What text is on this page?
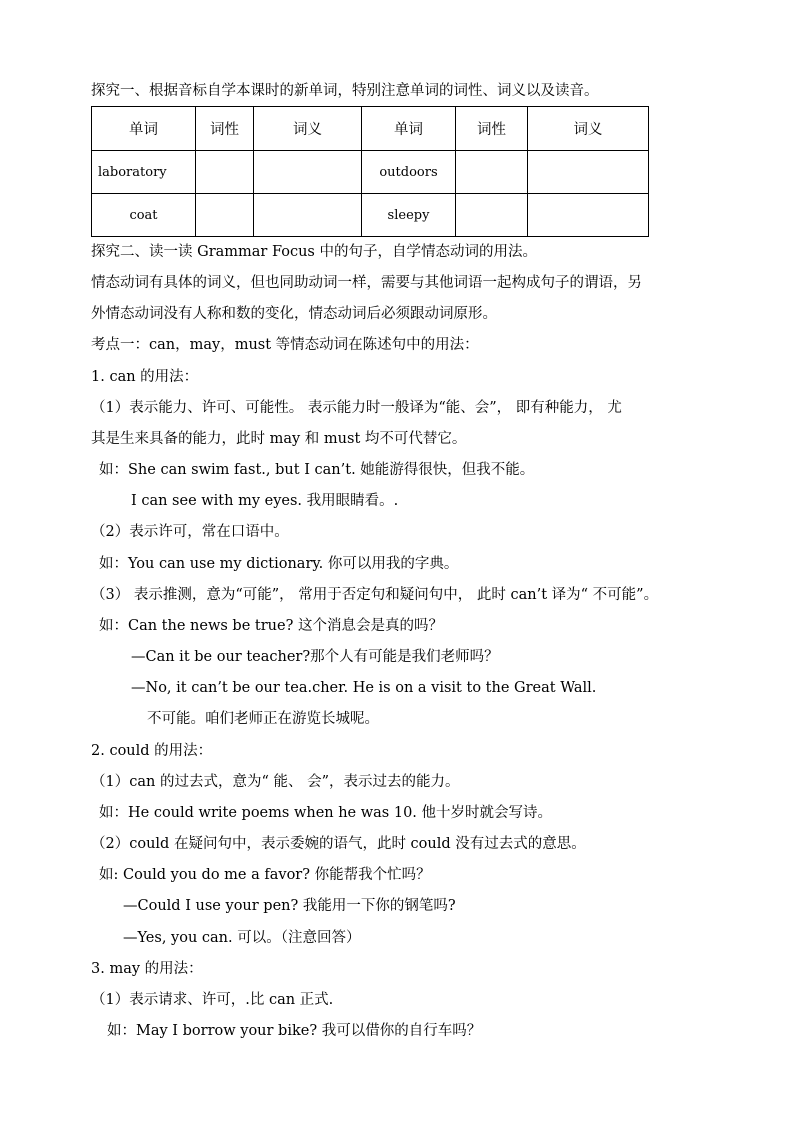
探究一、根据音标自学本课时的新单词，特别注意单词的词性、词义以及读音。
单词	词性	词义	单词	词性	词义
laboratory			outdoors		
coat			sleepy		
探究二、读一读 Grammar Focus 中的句子，自学情态动词的用法。
情态动词有具体的词义，但也同助动词一样，需要与其他词语一起构成句子的谓语，另
外情态动词没有人称和数的变化，情态动词后必须跟动词原形。
考点一：can，may，must 等情态动词在陈述句中的用法：
1. can 的用法：
（1）表示能力、许可、可能性。 表示能力时一般译为“能、会”， 即有种能力， 尤
其是生来具备的能力，此时 may 和 must 均不可代替它。
如：She can swim fast., but I can’t. 她能游得很快，但我不能。
I can see with my eyes. 我用眼睛看。.
（2）表示许可，常在口语中。
如：You can use my dictionary. 你可以用我的字典。
（3） 表示推测，意为“可能”， 常用于否定句和疑问句中， 此时 can’t 译为“ 不可能”。
如：Can the news be true? 这个消息会是真的吗？
—Can it be our teacher?那个人有可能是我们老师吗？
—No, it can’t be our tea.cher. He is on a visit to the Great Wall.
不可能。咱们老师正在游览长城呢。
2. could 的用法：
（1）can 的过去式，意为“ 能、 会”，表示过去的能力。
如：He could write poems when he was 10. 他十岁时就会写诗。
（2）could 在疑问句中，表示委婉的语气，此时 could 没有过去式的意思。
如: Could you do me a favor? 你能帮我个忙吗？
—Could I use your pen? 我能用一下你的钢笔吗?
—Yes, you can. 可以。（注意回答）
3. may 的用法：
（1）表示请求、许可，.比 can 正式.
如：May I borrow your bike? 我可以借你的自行车吗？
